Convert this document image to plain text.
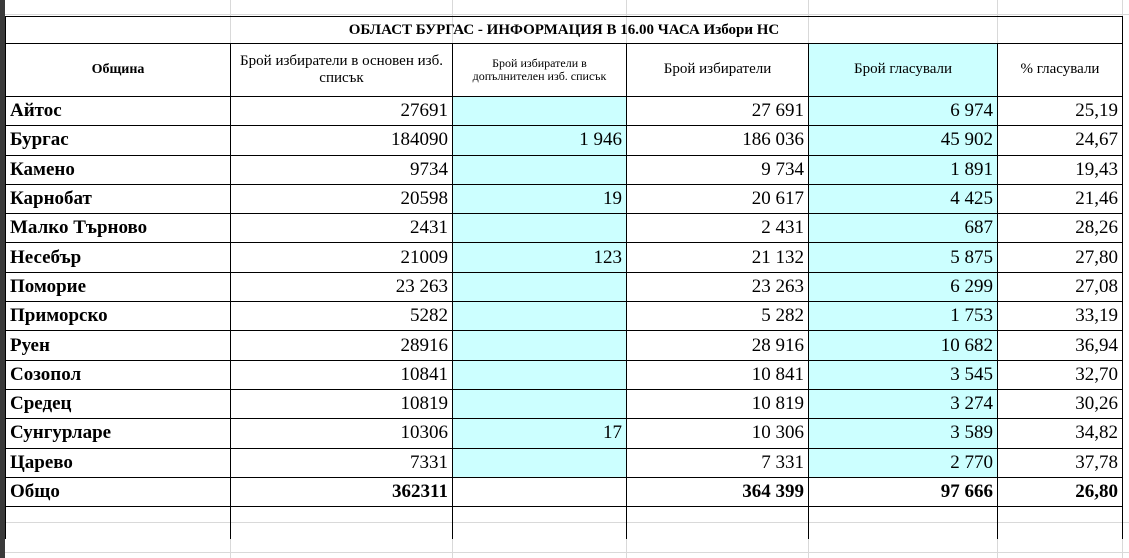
ОБЛАСТ БУРГАС - ИНФОРМАЦИЯ В 16.00 ЧАСА Избори НС					
Община	Брой избиратели в основен изб. списък	Брой избиратели в допълнителен изб. списък	Брой избиратели	Брой гласували	% гласували
Айтос	27691		27 691	6 974	25,19
Бургас	184090	1 946	186 036	45 902	24,67
Камено	9734		9 734	1 891	19,43
Карнобат	20598	19	20 617	4 425	21,46
Малко Търново	2431		2 431	687	28,26
Несебър	21009	123	21 132	5 875	27,80
Поморие	23 263		23 263	6 299	27,08
Приморско	5282		5 282	1 753	33,19
Руен	28916		28 916	10 682	36,94
Созопол	10841		10 841	3 545	32,70
Средец	10819		10 819	3 274	30,26
Сунгурларе	10306	17	10 306	3 589	34,82
Царево	7331		7 331	2 770	37,78
Общо	362311		364 399	97 666	26,80
